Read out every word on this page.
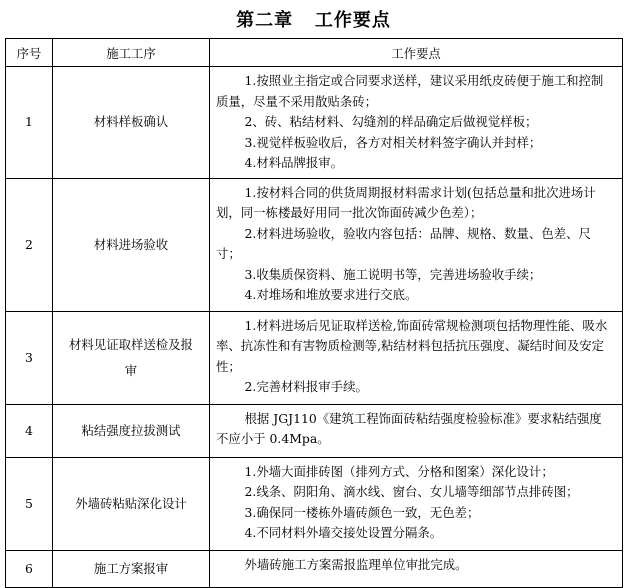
第二章   工作要点
序号	施工工序	工作要点
1	材料样板确认	1.按照业主指定或合同要求送样，建议采用纸皮砖便于施工和控制质量，尽量不采用散贴条砖；
2、砖、粘结材料、勾缝剂的样品确定后做视觉样板；
3.视觉样板验收后，各方对相关材料签字确认并封样；
4.材料品牌报审。

2	材料进场验收	1.按材料合同的供货周期报材料需求计划(包括总量和批次进场计划，同一栋楼最好用同一批次饰面砖减少色差）；
2.材料进场验收，验收内容包括：品牌、规格、数量、色差、尺寸；
3.收集质保资料、施工说明书等，完善进场验收手续；
4.对堆场和堆放要求进行交底。

3	材料见证取样送检及报审	1.材料进场后见证取样送检,饰面砖常规检测项包括物理性能、吸水率、抗冻性和有害物质检测等,粘结材料包括抗压强度、凝结时间及安定性；
2.完善材料报审手续。

4	粘结强度拉拔测试	根据 JGJ110《建筑工程饰面砖粘结强度检验标准》要求粘结强度不应小于 0.4Mpa。

5	外墙砖粘贴深化设计	1.外墙大面排砖图（排列方式、分格和图案）深化设计；
2.线条、阴阳角、滴水线、窗台、女儿墙等细部节点排砖图；
3.确保同一楼栋外墙砖颜色一致，无色差；
4.不同材料外墙交接处设置分隔条。

6	施工方案报审	外墙砖施工方案需报监理单位审批完成。
